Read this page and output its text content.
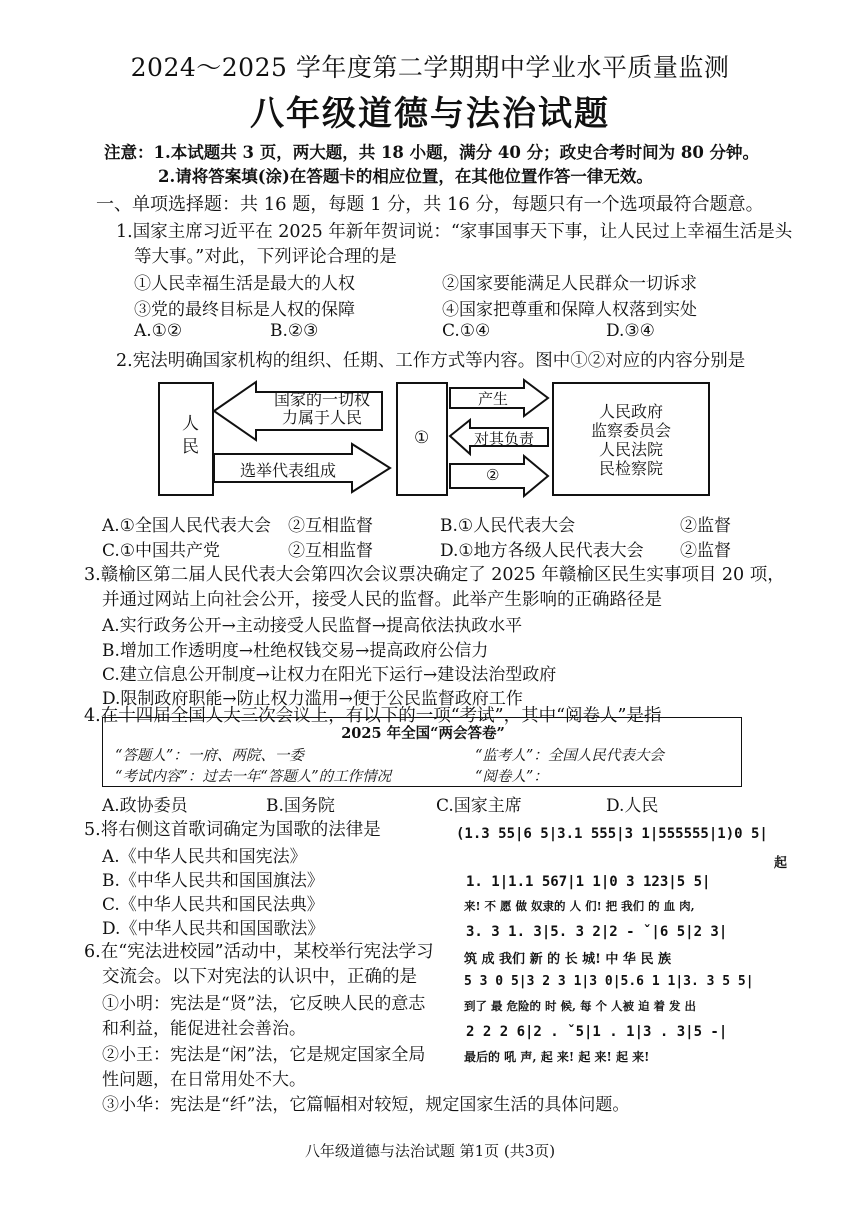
2024～2025 学年度第二学期期中学业水平质量监测
八年级道德与法治试题
注意：1.本试题共 3 页，两大题，共 18 小题，满分 40 分；政史合考时间为 80 分钟。
2.请将答案填(涂)在答题卡的相应位置，在其他位置作答一律无效。
一、单项选择题：共 16 题，每题 1 分，共 16 分，每题只有一个选项最符合题意。
1.国家主席习近平在 2025 年新年贺词说：“家事国事天下事，让人民过上幸福生活是头
等大事。”对此，下列评论合理的是
①人民幸福生活是最大的人权	②国家要能满足人民群众一切诉求
③党的最终目标是人权的保障	④国家把尊重和保障人权落到实处
A.①②	B.②③	C.①④	D.③④
2.宪法明确国家机构的组织、任期、工作方式等内容。图中①②对应的内容分别是
人民
国家的一切权
力属于人民
选举代表组成
①
产生
对其负责
②
人民政府
监察委员会
人民法院
民检察院
A.①全国人民代表大会 ②互相监督	B.①人民代表大会	②监督
C.①中国共产党	②互相监督	D.①地方各级人民代表大会 ②监督
3.赣榆区第二届人民代表大会第四次会议票决确定了 2025 年赣榆区民生实事项目 20 项，
并通过网站上向社会公开，接受人民的监督。此举产生影响的正确路径是
A.实行政务公开→主动接受人民监督→提高依法执政水平
B.增加工作透明度→杜绝权钱交易→提高政府公信力
C.建立信息公开制度→让权力在阳光下运行→建设法治型政府
D.限制政府职能→防止权力滥用→便于公民监督政府工作
4.在十四届全国人大三次会议上，有以下的一项“考试”，其中“阅卷人”是指
2025 年全国“两会答卷”
“答题人”：一府、两院、一委	“监考人”：全国人民代表大会
“考试内容”：过去一年“答题人”的工作情况	“阅卷人”：
A.政协委员	B.国务院	C.国家主席	D.人民
5.将右侧这首歌词确定为国歌的法律是
A.《中华人民共和国宪法》
B.《中华人民共和国国旗法》
C.《中华人民共和国民法典》
D.《中华人民共和国国歌法》
(1.3 55|6 5|3.1 555|3 1|555555|1)0 5|
起
1. 1|1.1 567|1 1|0 3 123|5 5|
来! 不 愿 做 奴隶的 人 们! 把 我们 的 血 肉,
3. 3 1. 3|5. 3 2|2 - ˇ|6 5|2 3|
筑 成 我们 新 的 长 城! 中 华 民 族
5 3 0 5|3 2 3 1|3 0|5.6 1 1|3. 3 5 5|
到了 最 危险的 时 候, 每 个 人被 迫 着 发 出
2 2 2 6|2 . ˇ5|1 . 1|3 . 3|5 -|
最后的 吼 声, 起 来! 起 来! 起 来!
6.在“宪法进校园”活动中，某校举行宪法学习
交流会。以下对宪法的认识中，正确的是
①小明：宪法是“贤”法，它反映人民的意志
和利益，能促进社会善治。
②小王：宪法是“闲”法，它是规定国家全局
性问题，在日常用处不大。
③小华：宪法是“纤”法，它篇幅相对较短，规定国家生活的具体问题。
八年级道德与法治试题 第1页 (共3页)
